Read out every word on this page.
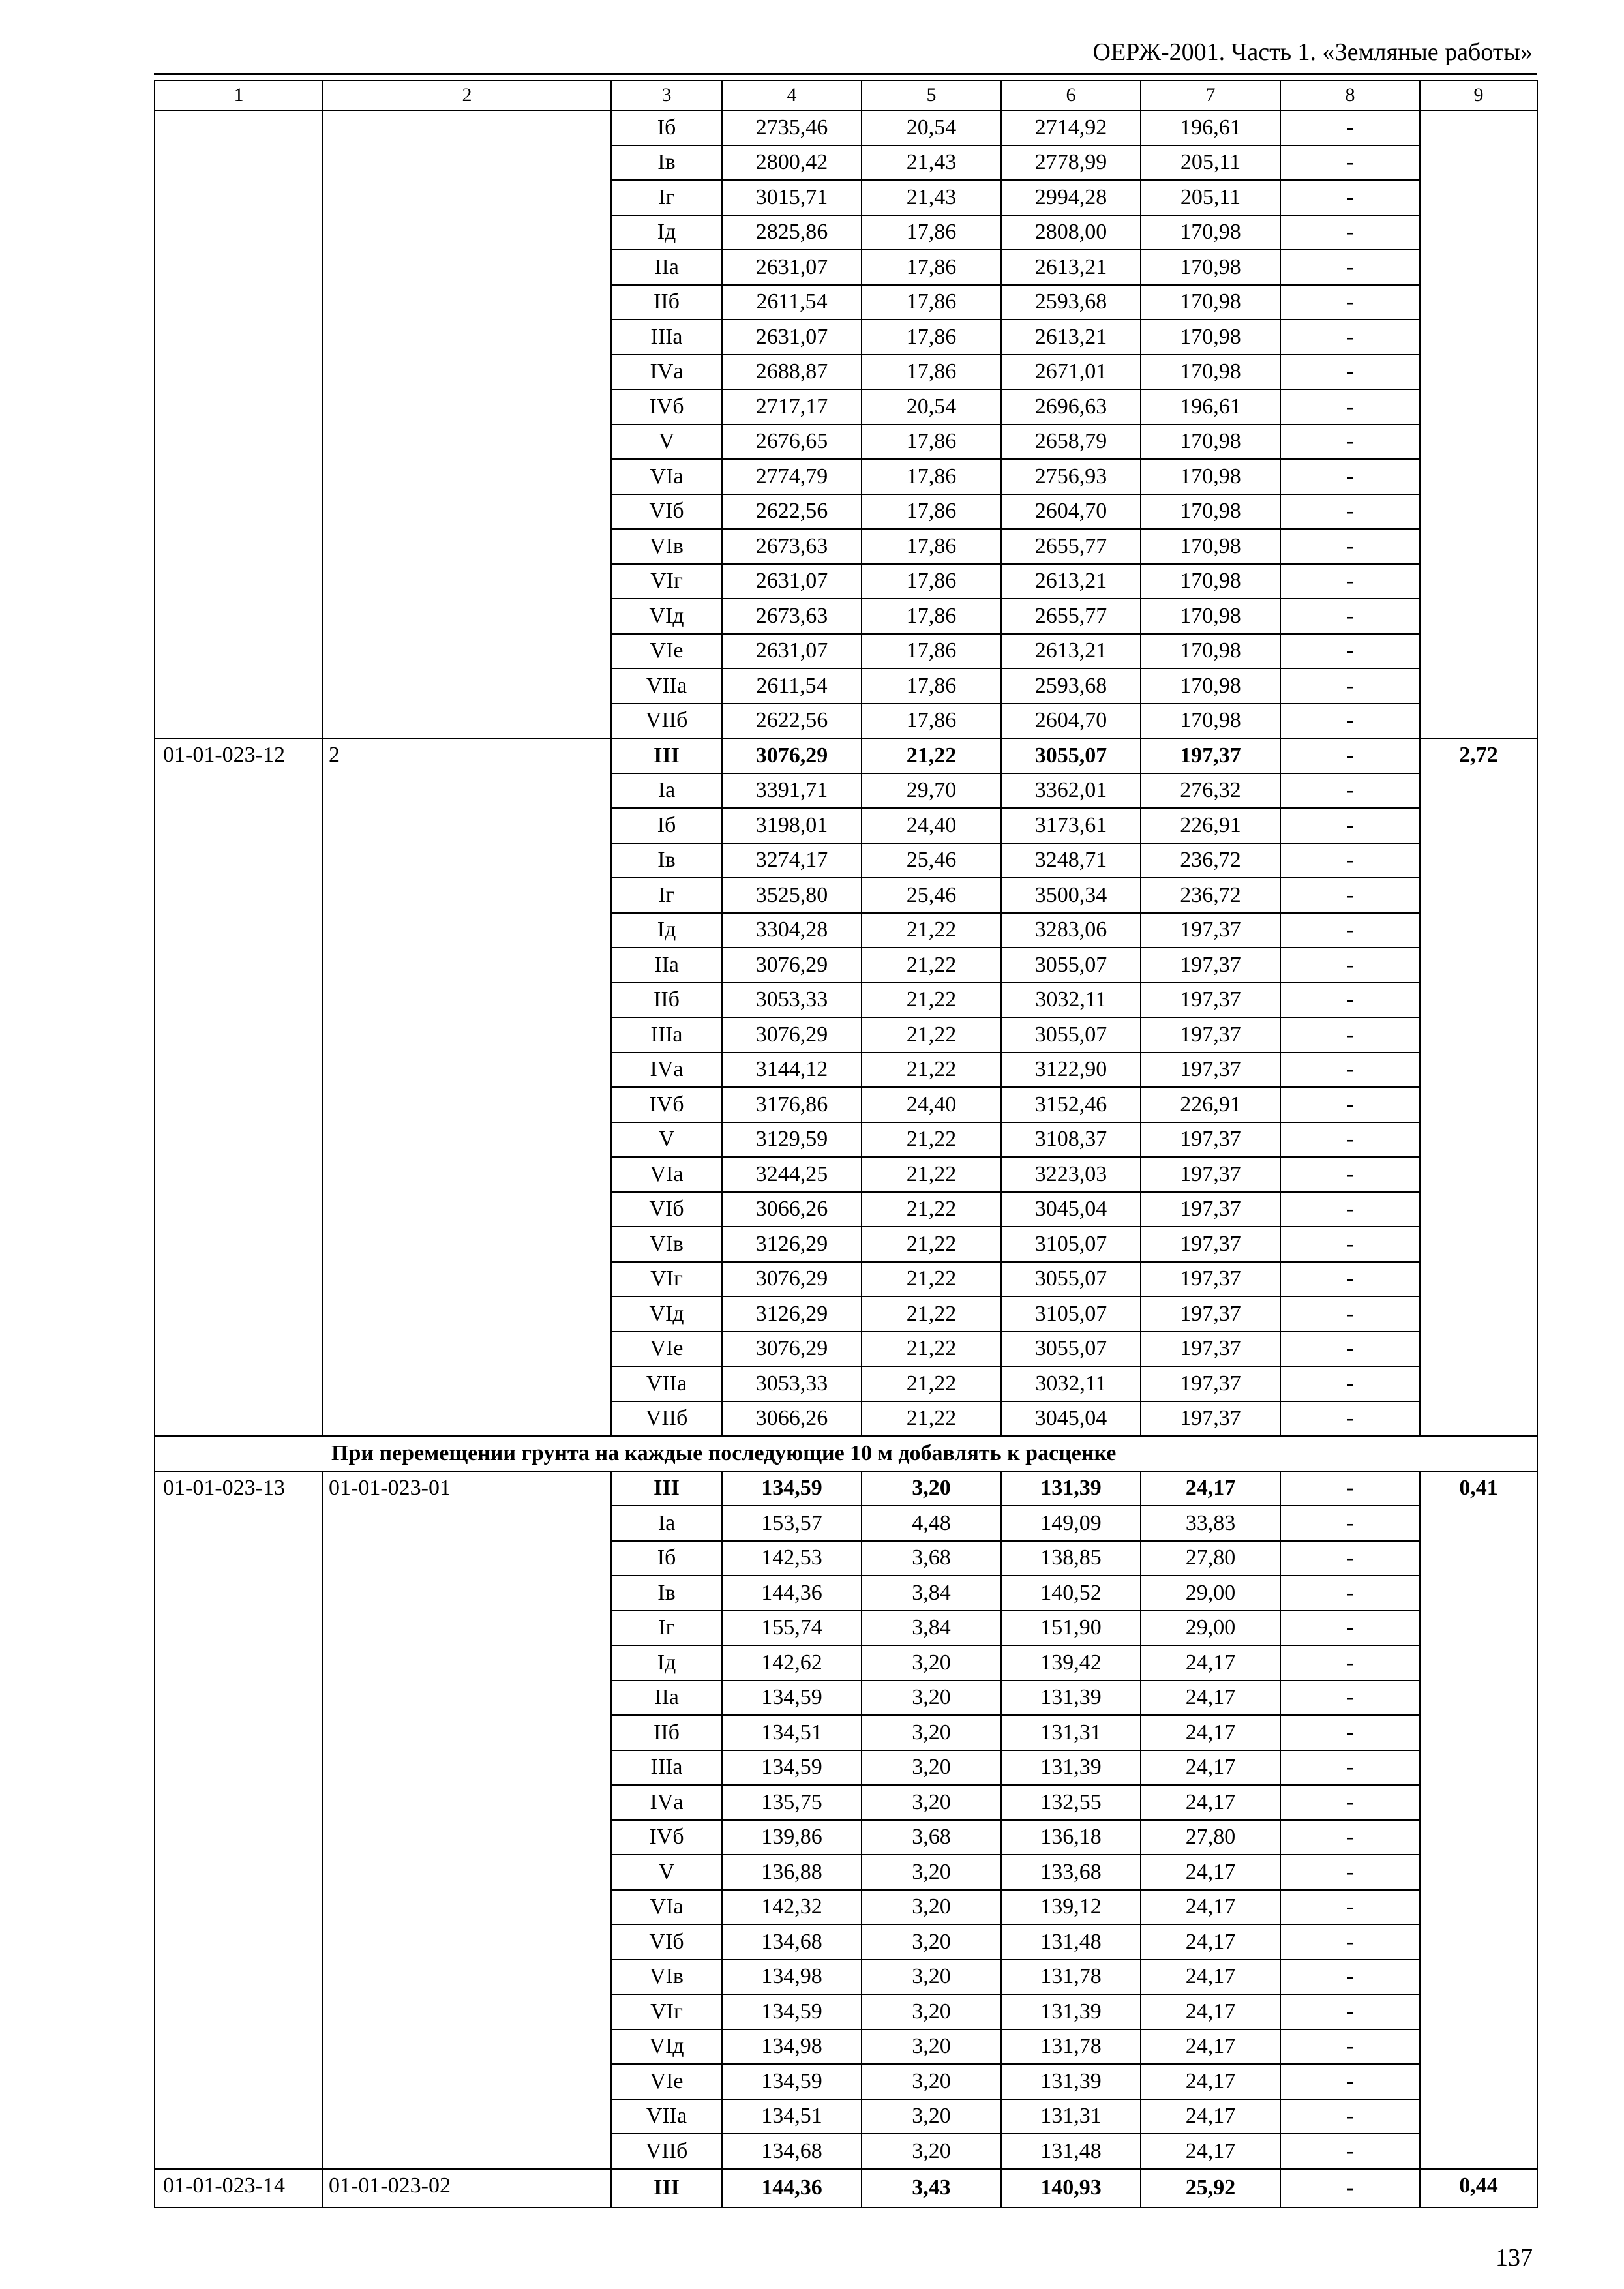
ОЕРЖ-2001. Часть 1. «Земляные работы»
1	2	3	4	5	6	7	8	9
		Iб	2735,46	20,54	2714,92	196,61	-	
		Iв	2800,42	21,43	2778,99	205,11	-	
		Iг	3015,71	21,43	2994,28	205,11	-	
		Iд	2825,86	17,86	2808,00	170,98	-	
		IIа	2631,07	17,86	2613,21	170,98	-	
		IIб	2611,54	17,86	2593,68	170,98	-	
		IIIа	2631,07	17,86	2613,21	170,98	-	
		IVа	2688,87	17,86	2671,01	170,98	-	
		IVб	2717,17	20,54	2696,63	196,61	-	
		V	2676,65	17,86	2658,79	170,98	-	
		VIа	2774,79	17,86	2756,93	170,98	-	
		VIб	2622,56	17,86	2604,70	170,98	-	
		VIв	2673,63	17,86	2655,77	170,98	-	
		VIг	2631,07	17,86	2613,21	170,98	-	
		VIд	2673,63	17,86	2655,77	170,98	-	
		VIе	2631,07	17,86	2613,21	170,98	-	
		VIIа	2611,54	17,86	2593,68	170,98	-	
		VIIб	2622,56	17,86	2604,70	170,98	-	
01-01-023-12	2	III	3076,29	21,22	3055,07	197,37	-	2,72
		Iа	3391,71	29,70	3362,01	276,32	-	
		Iб	3198,01	24,40	3173,61	226,91	-	
		Iв	3274,17	25,46	3248,71	236,72	-	
		Iг	3525,80	25,46	3500,34	236,72	-	
		Iд	3304,28	21,22	3283,06	197,37	-	
		IIа	3076,29	21,22	3055,07	197,37	-	
		IIб	3053,33	21,22	3032,11	197,37	-	
		IIIа	3076,29	21,22	3055,07	197,37	-	
		IVа	3144,12	21,22	3122,90	197,37	-	
		IVб	3176,86	24,40	3152,46	226,91	-	
		V	3129,59	21,22	3108,37	197,37	-	
		VIа	3244,25	21,22	3223,03	197,37	-	
		VIб	3066,26	21,22	3045,04	197,37	-	
		VIв	3126,29	21,22	3105,07	197,37	-	
		VIг	3076,29	21,22	3055,07	197,37	-	
		VIд	3126,29	21,22	3105,07	197,37	-	
		VIе	3076,29	21,22	3055,07	197,37	-	
		VIIа	3053,33	21,22	3032,11	197,37	-	
		VIIб	3066,26	21,22	3045,04	197,37	-	
При перемещении грунта на каждые последующие 10 м добавлять к расценке								
01-01-023-13	01-01-023-01	III	134,59	3,20	131,39	24,17	-	0,41
		Iа	153,57	4,48	149,09	33,83	-	
		Iб	142,53	3,68	138,85	27,80	-	
		Iв	144,36	3,84	140,52	29,00	-	
		Iг	155,74	3,84	151,90	29,00	-	
		Iд	142,62	3,20	139,42	24,17	-	
		IIа	134,59	3,20	131,39	24,17	-	
		IIб	134,51	3,20	131,31	24,17	-	
		IIIа	134,59	3,20	131,39	24,17	-	
		IVа	135,75	3,20	132,55	24,17	-	
		IVб	139,86	3,68	136,18	27,80	-	
		V	136,88	3,20	133,68	24,17	-	
		VIа	142,32	3,20	139,12	24,17	-	
		VIб	134,68	3,20	131,48	24,17	-	
		VIв	134,98	3,20	131,78	24,17	-	
		VIг	134,59	3,20	131,39	24,17	-	
		VIд	134,98	3,20	131,78	24,17	-	
		VIе	134,59	3,20	131,39	24,17	-	
		VIIа	134,51	3,20	131,31	24,17	-	
		VIIб	134,68	3,20	131,48	24,17	-	
01-01-023-14	01-01-023-02	III	144,36	3,43	140,93	25,92	-	0,44
137
